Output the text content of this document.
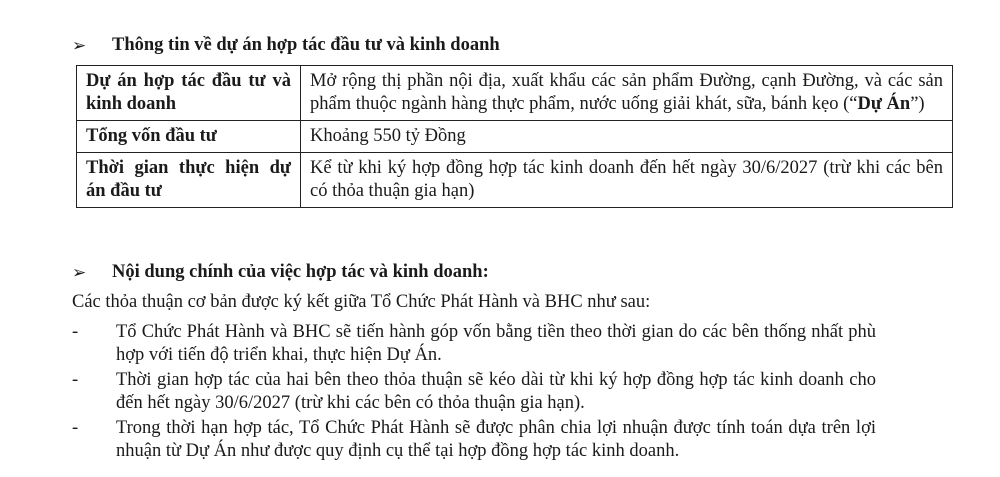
➢	Thông tin về dự án hợp tác đầu tư và kinh doanh
Dự án hợp tác đầu tư và kinh doanh	Mở rộng thị phần nội địa, xuất khẩu các sản phẩm Đường, cạnh Đường, và các sản phẩm thuộc ngành hàng thực phẩm, nước uống giải khát, sữa, bánh kẹo (“Dự Án”)
Tổng vốn đầu tư	Khoảng 550 tỷ Đồng
Thời gian thực hiện dự án đầu tư	Kể từ khi ký hợp đồng hợp tác kinh doanh đến hết ngày 30/6/2027 (trừ khi các bên có thỏa thuận gia hạn)
➢	Nội dung chính của việc hợp tác và kinh doanh:
Các thỏa thuận cơ bản được ký kết giữa Tổ Chức Phát Hành và BHC như sau:
-	Tổ Chức Phát Hành và BHC sẽ tiến hành góp vốn bằng tiền theo thời gian do các bên thống nhất phù hợp với tiến độ triển khai, thực hiện Dự Án.
-	Thời gian hợp tác của hai bên theo thỏa thuận sẽ kéo dài từ khi ký hợp đồng hợp tác kinh doanh cho đến hết ngày 30/6/2027 (trừ khi các bên có thỏa thuận gia hạn).
-	Trong thời hạn hợp tác, Tổ Chức Phát Hành sẽ được phân chia lợi nhuận được tính toán dựa trên lợi nhuận từ Dự Án như được quy định cụ thể tại hợp đồng hợp tác kinh doanh.
